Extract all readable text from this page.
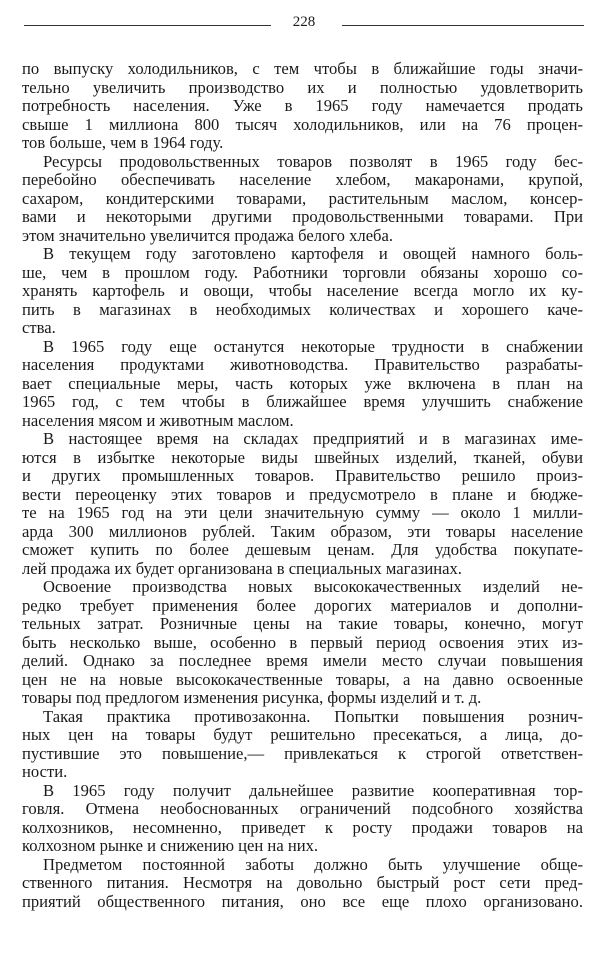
228
по выпуску холодильников, с тем чтобы в ближайшие годы значи-
тельно увеличить производство их и полностью удовлетворить
потребность населения. Уже в 1965 году намечается продать
свыше 1 миллиона 800 тысяч холодильников, или на 76 процен-
тов больше, чем в 1964 году.
Ресурсы продовольственных товаров позволят в 1965 году бес-
перебойно обеспечивать население хлебом, макаронами, крупой,
сахаром, кондитерскими товарами, растительным маслом, консер-
вами и некоторыми другими продовольственными товарами. При
этом значительно увеличится продажа белого хлеба.
В текущем году заготовлено картофеля и овощей намного боль-
ше, чем в прошлом году. Работники торговли обязаны хорошо со-
хранять картофель и овощи, чтобы население всегда могло их ку-
пить в магазинах в необходимых количествах и хорошего каче-
ства.
В 1965 году еще останутся некоторые трудности в снабжении
населения продуктами животноводства. Правительство разрабаты-
вает специальные меры, часть которых уже включена в план на
1965 год, с тем чтобы в ближайшее время улучшить снабжение
населения мясом и животным маслом.
В настоящее время на складах предприятий и в магазинах име-
ются в избытке некоторые виды швейных изделий, тканей, обуви
и других промышленных товаров. Правительство решило произ-
вести переоценку этих товаров и предусмотрело в плане и бюдже-
те на 1965 год на эти цели значительную сумму — около 1 милли-
арда 300 миллионов рублей. Таким образом, эти товары население
сможет купить по более дешевым ценам. Для удобства покупате-
лей продажа их будет организована в специальных магазинах.
Освоение производства новых высококачественных изделий не-
редко требует применения более дорогих материалов и дополни-
тельных затрат. Розничные цены на такие товары, конечно, могут
быть несколько выше, особенно в первый период освоения этих из-
делий. Однако за последнее время имели место случаи повышения
цен не на новые высококачественные товары, а на давно освоенные
товары под предлогом изменения рисунка, формы изделий и т. д.
Такая практика противозаконна. Попытки повышения рознич-
ных цен на товары будут решительно пресекаться, а лица, до-
пустившие это повышение,— привлекаться к строгой ответствен-
ности.
В 1965 году получит дальнейшее развитие кооперативная тор-
говля. Отмена необоснованных ограничений подсобного хозяйства
колхозников, несомненно, приведет к росту продажи товаров на
колхозном рынке и снижению цен на них.
Предметом постоянной заботы должно быть улучшение обще-
ственного питания. Несмотря на довольно быстрый рост сети пред-
приятий общественного питания, оно все еще плохо организовано.
